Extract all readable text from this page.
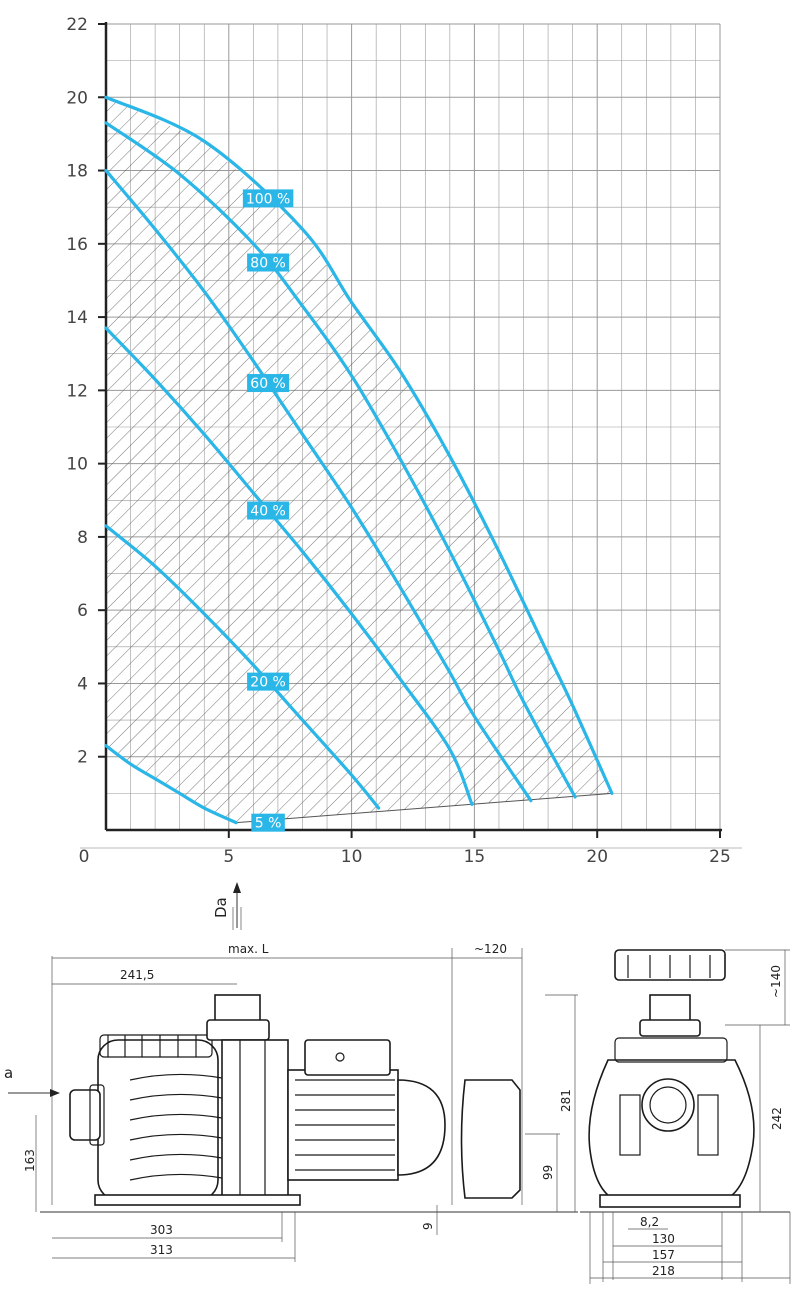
0	5	10	15	20	25
2
4
6
8
10
12
14
16
18
20
22
100 %
80 %
60 %
40 %
20 %
5 %
Da
max. L
241,5
~120
281
99
9
163
a
303
313
~140
242
8,2
130
157
218
